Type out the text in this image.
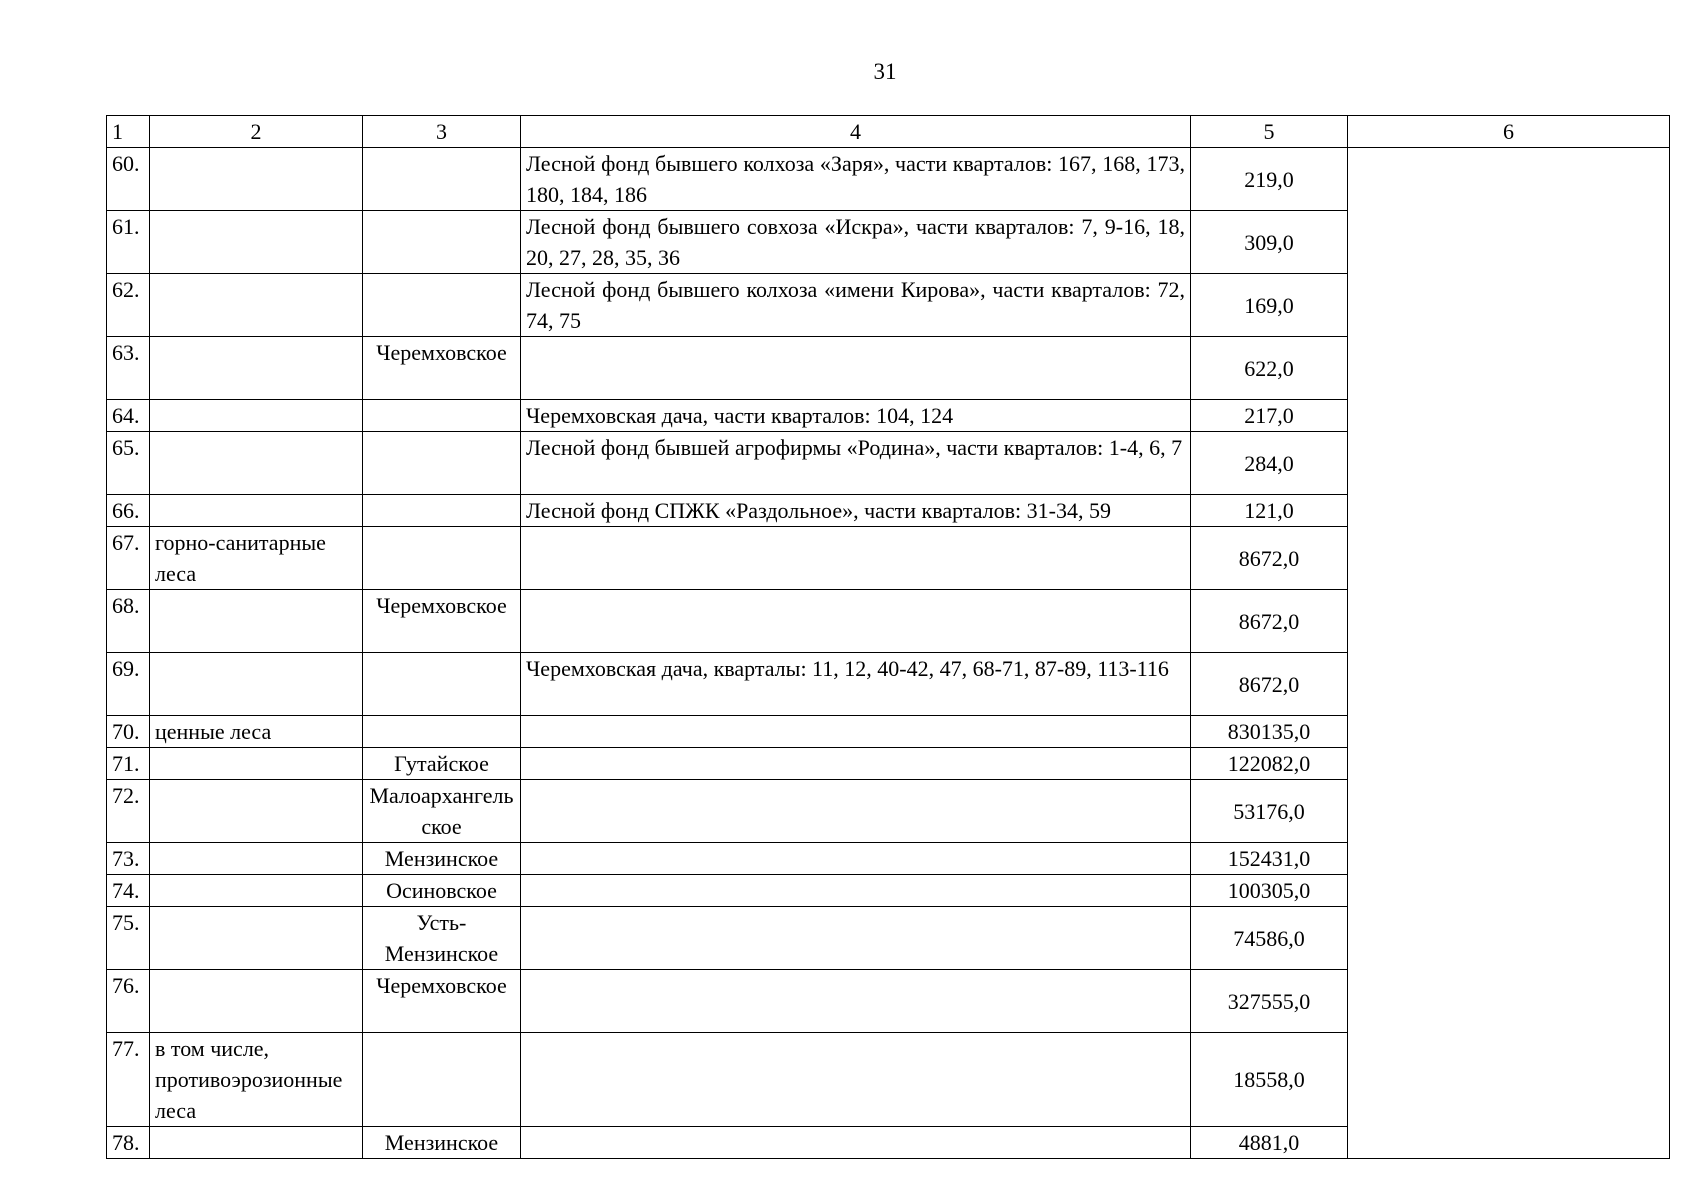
31
1	2	3	4	5	6
60.			Лесной фонд бывшего колхоза «Заря», части кварталов: 167, 168, 173, 180, 184, 186	219,0	
61.			Лесной фонд бывшего совхоза «Искра», части кварталов: 7, 9-16, 18, 20, 27, 28, 35, 36	309,0	
62.			Лесной фонд бывшего колхоза «имени Кирова», части кварталов: 72, 74, 75	169,0	
63.		Черемховское		622,0	
64.			Черемховская дача, части кварталов: 104, 124	217,0	
65.			Лесной фонд бывшей агрофирмы «Родина», части кварталов: 1-4, 6, 7	284,0	
66.			Лесной фонд СПЖК «Раздольное», части кварталов: 31-34, 59	121,0	
67.	горно-санитарные леса			8672,0	
68.		Черемховское		8672,0	
69.			Черемховская дача, кварталы: 11, 12, 40-42, 47, 68-71, 87-89, 113-116	8672,0	
70.	ценные леса			830135,0	
71.		Гутайское		122082,0	
72.		Малоархангельское		53176,0	
73.		Мензинское		152431,0	
74.		Осиновское		100305,0	
75.		Усть-Мензинское		74586,0	
76.		Черемховское		327555,0	
77.	в том числе, противоэрозионные леса			18558,0	
78.		Мензинское		4881,0	
